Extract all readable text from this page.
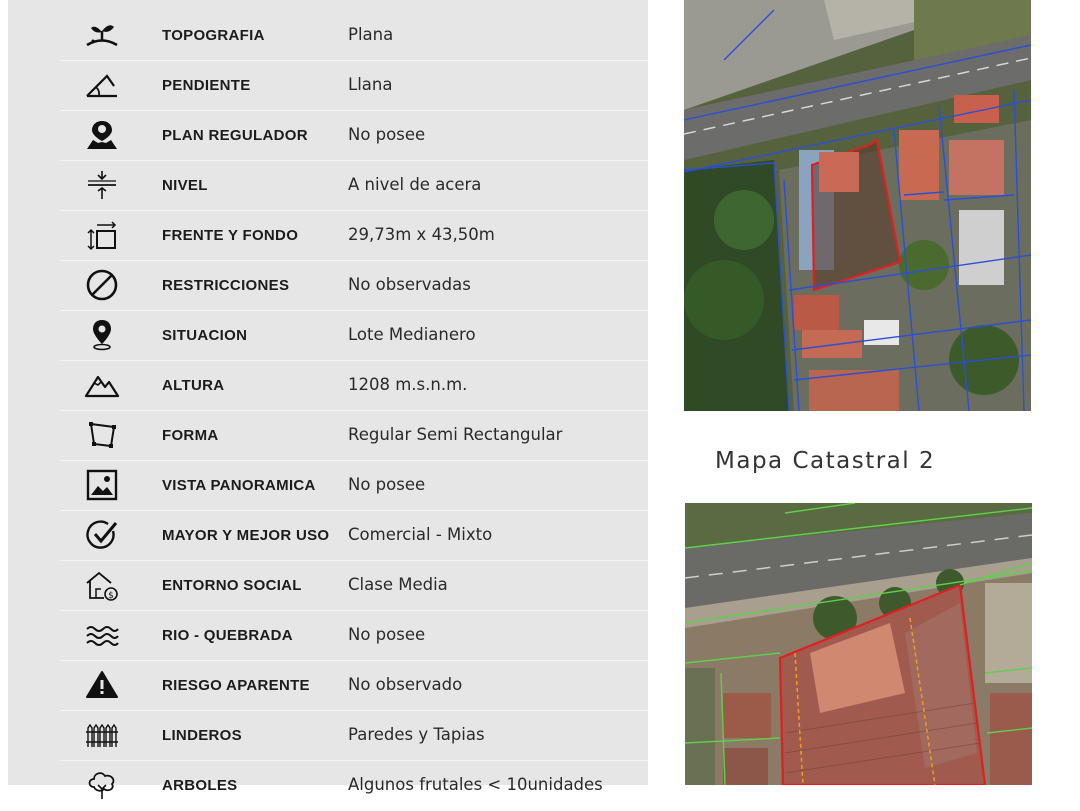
TOPOGRAFIA	Plana
PENDIENTE	Llana
PLAN REGULADOR No posee
NIVEL	A nivel de acera
FRENTE Y FONDO	29,73m x 43,50m
RESTRICCIONES	No observadas
SITUACION	Lote Medianero
ALTURA	1208 m.s.n.m.
FORMA	Regular Semi Rectangular
VISTA PANORAMICA No posee
MAYOR Y MEJOR USO Comercial - Mixto
$
ENTORNO SOCIAL	Clase Media
RIO - QUEBRADA	No posee
RIESGO APARENTE No observado
LINDEROS	Paredes y Tapias
ARBOLES	Algunos frutales < 10unidades
Mapa Catastral 2
